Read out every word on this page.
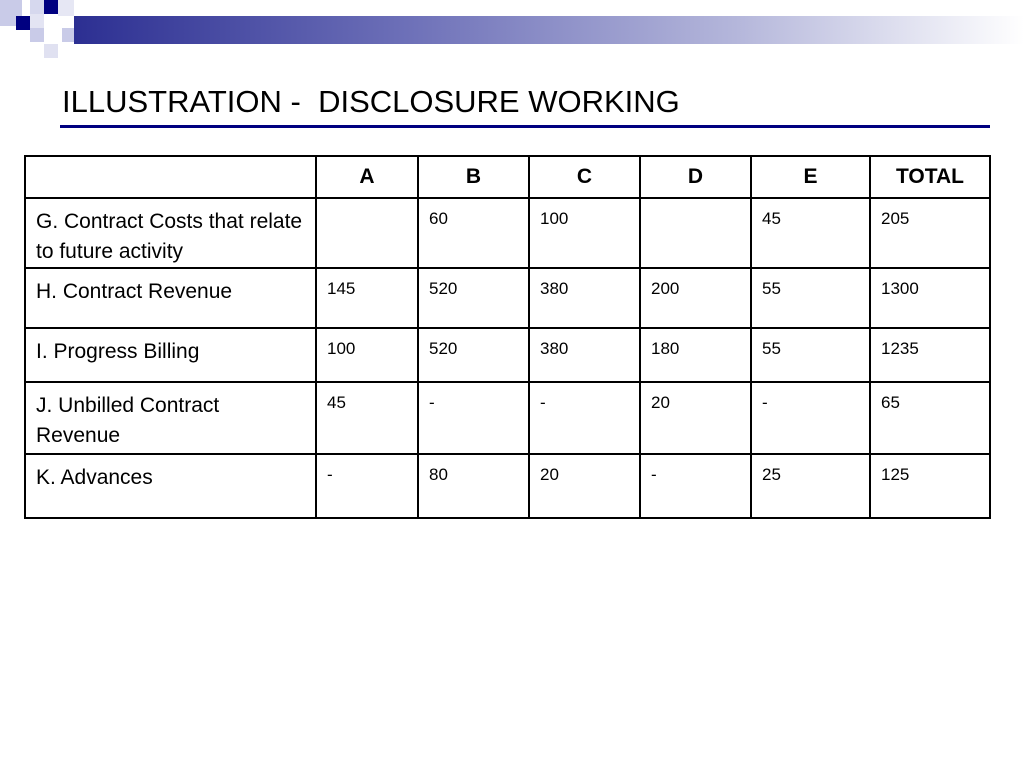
ILLUSTRATION -  DISCLOSURE WORKING
	A	B	C	D	E	TOTAL
G. Contract Costs that relate to future activity		60	100		45	205
H. Contract Revenue	145	520	380	200	55	1300
I. Progress Billing	100	520	380	180	55	1235
J. Unbilled Contract Revenue	45	-	-	20	-	65
K. Advances	-	80	20	-	25	125
